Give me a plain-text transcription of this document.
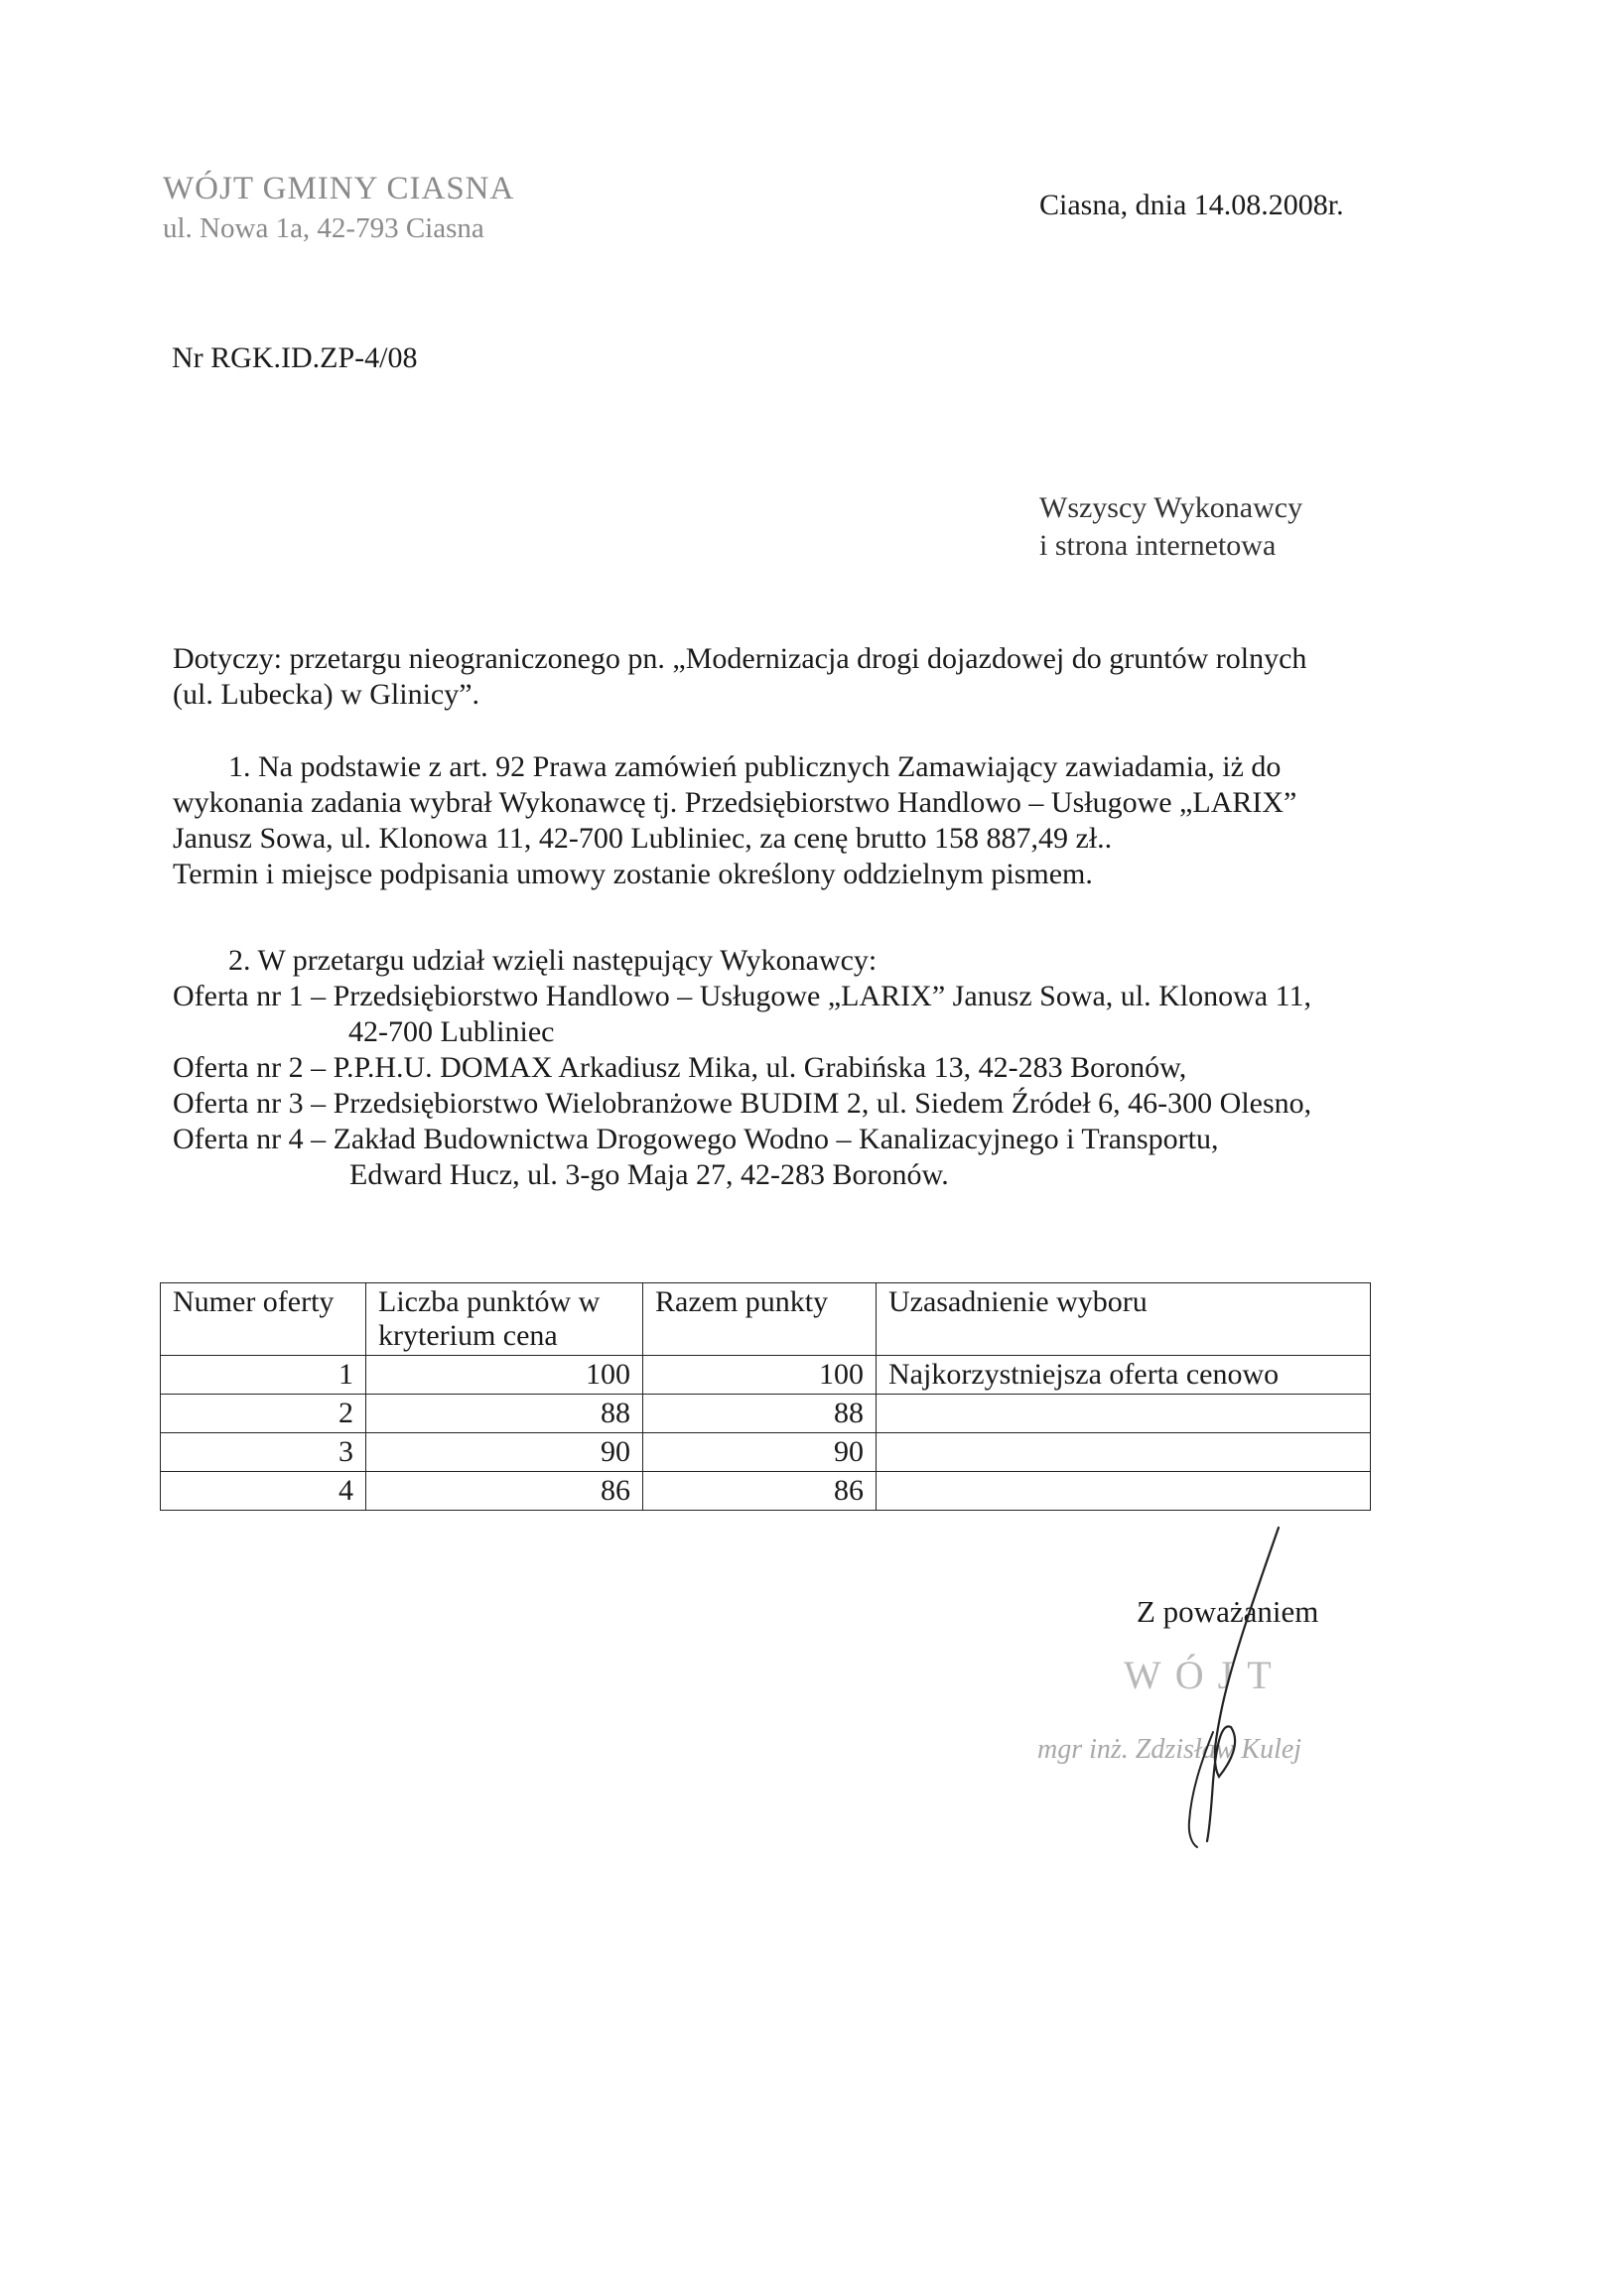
WÓJT GMINY CIASNA
ul. Nowa 1a, 42-793 Ciasna
Ciasna, dnia 14.08.2008r.
Nr RGK.ID.ZP-4/08
Wszyscy Wykonawcy
i strona internetowa
Dotyczy: przetargu nieograniczonego pn. „Modernizacja drogi dojazdowej do gruntów rolnych
(ul. Lubecka) w Glinicy”.
1. Na podstawie z art. 92 Prawa zamówień publicznych Zamawiający zawiadamia, iż do
wykonania zadania wybrał Wykonawcę tj. Przedsiębiorstwo Handlowo – Usługowe „LARIX”
Janusz Sowa, ul. Klonowa 11, 42-700 Lubliniec, za cenę brutto 158 887,49 zł..
Termin i miejsce podpisania umowy zostanie określony oddzielnym pismem.
2. W przetargu udział wzięli następujący Wykonawcy:
Oferta nr 1 – Przedsiębiorstwo Handlowo – Usługowe „LARIX” Janusz Sowa, ul. Klonowa 11,
42-700 Lubliniec
Oferta nr 2 – P.P.H.U. DOMAX Arkadiusz Mika, ul. Grabińska 13, 42-283 Boronów,
Oferta nr 3 – Przedsiębiorstwo Wielobranżowe BUDIM 2, ul. Siedem Źródeł 6, 46-300 Olesno,
Oferta nr 4 – Zakład Budownictwa Drogowego Wodno – Kanalizacyjnego i Transportu,
Edward Hucz, ul. 3-go Maja 27, 42-283 Boronów.
Numer oferty	Liczba punktów w kryterium cena	Razem punkty	Uzasadnienie wyboru
1	100	100	Najkorzystniejsza oferta cenowo
2	88	88	
3	90	90	
4	86	86	
Z poważaniem
WÓJT
mgr inż. Zdzisław Kulej
